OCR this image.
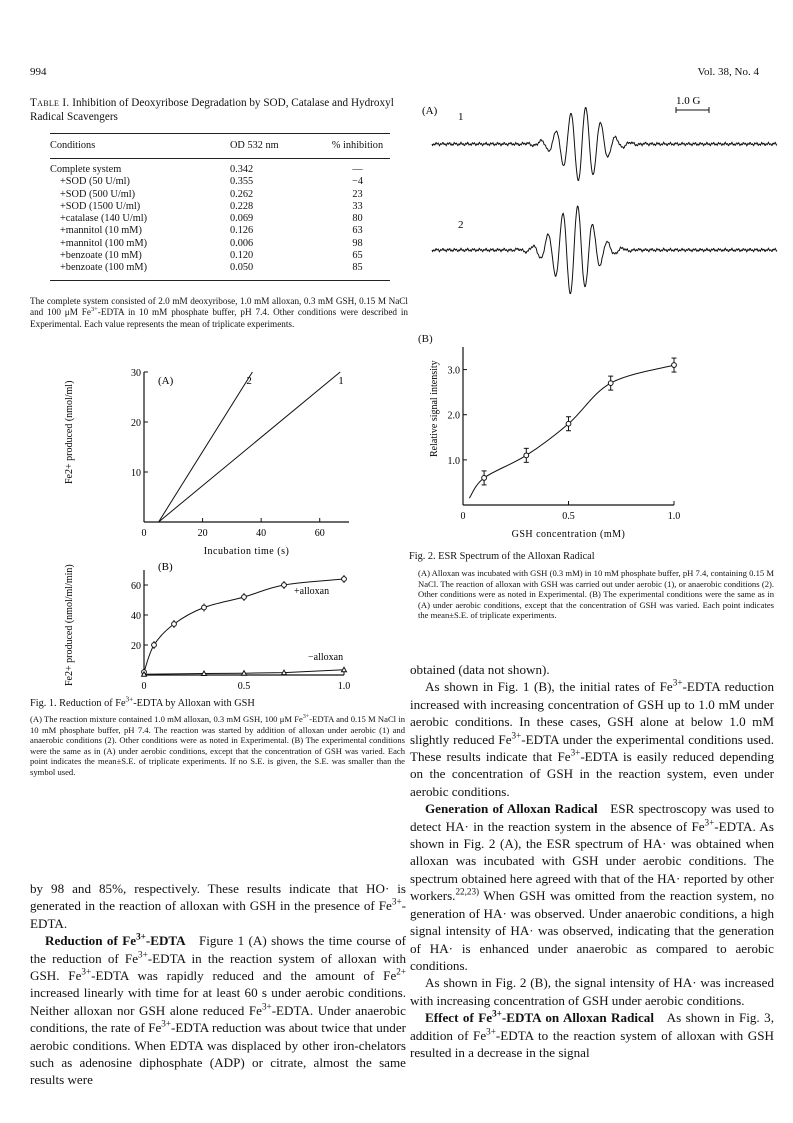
994	Vol. 38, No. 4
Table I. Inhibition of Deoxyribose Degradation by SOD, Catalase and Hydroxyl Radical Scavengers
Conditions	OD 532 nm	% inhibition
Complete system	0.342	—
+SOD (50 U/ml)	0.355	−4
+SOD (500 U/ml)	0.262	23
+SOD (1500 U/ml)	0.228	33
+catalase (140 U/ml)	0.069	80
+mannitol (10 mM)	0.126	63
+mannitol (100 mM)	0.006	98
+benzoate (10 mM)	0.120	65
+benzoate (100 mM)	0.050	85
The complete system consisted of 2.0 mM deoxyribose, 1.0 mM alloxan, 0.3 mM GSH, 0.15 M NaCl and 100 μM $Fe^{3+}$-EDTA in 10 mM phosphate buffer, pH 7.4. Other conditions were described in Experimental. Each value represents the mean of triplicate experiments.
Fe2+ produced (nmol/ml)
0	20	40	60
10
20
30
Incubation time (s)
2	1
(A)
Fe2+ produced (nmol/ml/min)
0	0.5	1.0
20
40
60	+alloxan
−alloxan
(B)
Fig. 1. Reduction of $Fe^{3+}$-EDTA by Alloxan with GSH
(A) The reaction mixture contained 1.0 mM alloxan, 0.3 mM GSH, 100 μM $Fe^{3+}$-EDTA and 0.15 M NaCl in 10 mM phosphate buffer, pH 7.4. The reaction was started by addition of alloxan under aerobic (1) and anaerobic conditions (2). Other conditions were as noted in Experimental. (B) The experimental conditions were the same as in (A) under aerobic conditions, except that the concentration of GSH was varied. Each point indicates the mean±S.E. of triplicate experiments. If no S.E. is given, the S.E. was smaller than the symbol used.
(A) 1
2
1.0 G
(B)
Relative signal intensity
0	0.5	1.0
1.0
2.0
3.0
GSH concentration (mM)
Fig. 2. ESR Spectrum of the Alloxan Radical
(A) Alloxan was incubated with GSH (0.3 mM) in 10 mM phosphate buffer, pH 7.4, containing 0.15 M NaCl. The reaction of alloxan with GSH was carried out under aerobic (1), or anaerobic conditions (2). Other conditions were as noted in Experimental. (B) The experimental conditions were the same as in (A) under aerobic conditions, except that the concentration of GSH was varied. Each point indicates the mean±S.E. of triplicate experiments.

by 98 and 85%, respectively. These results indicate that HO· is generated in the reaction of alloxan with GSH in the presence of $Fe^{3+}$-EDTA.

Reduction of $Fe^{3+}$-EDTA Figure 1 (A) shows the time course of the reduction of $Fe^{3+}$-EDTA in the reaction system of alloxan with GSH. $Fe^{3+}$-EDTA was rapidly reduced and the amount of $Fe^{2+}$ increased linearly with time for at least 60 s under aerobic conditions. Neither alloxan nor GSH alone reduced $Fe^{3+}$-EDTA. Under anaerobic conditions, the rate of $Fe^{3+}$-EDTA reduction was about twice that under aerobic conditions. When EDTA was displaced by other iron-chelators such as adenosine diphosphate (ADP) or citrate, almost the same results were

obtained (data not shown).

As shown in Fig. 1 (B), the initial rates of $Fe^{3+}$-EDTA reduction increased with increasing concentration of GSH up to 1.0 mM under aerobic conditions. In these cases, GSH alone at below 1.0 mM slightly reduced $Fe^{3+}$-EDTA under the experimental conditions used. These results indicate that $Fe^{3+}$-EDTA is easily reduced depending on the concentration of GSH in the reaction system, even under aerobic conditions.

Generation of Alloxan Radical ESR spectroscopy was used to detect HA· in the reaction system in the absence of $Fe^{3+}$-EDTA. As shown in Fig. 2 (A), the ESR spectrum of HA· was obtained when alloxan was incubated with GSH under aerobic conditions. The spectrum obtained here agreed with that of the HA· reported by other workers.$^{22,23)}$ When GSH was omitted from the reaction system, no generation of HA· was observed. Under anaerobic conditions, a high signal intensity of HA· was observed, indicating that the generation of HA· is enhanced under anaerobic as compared to aerobic conditions.

As shown in Fig. 2 (B), the signal intensity of HA· was increased with increasing concentration of GSH under aerobic conditions.

Effect of $Fe^{3+}$-EDTA on Alloxan Radical As shown in Fig. 3, addition of $Fe^{3+}$-EDTA to the reaction system of alloxan with GSH resulted in a decrease in the signal
